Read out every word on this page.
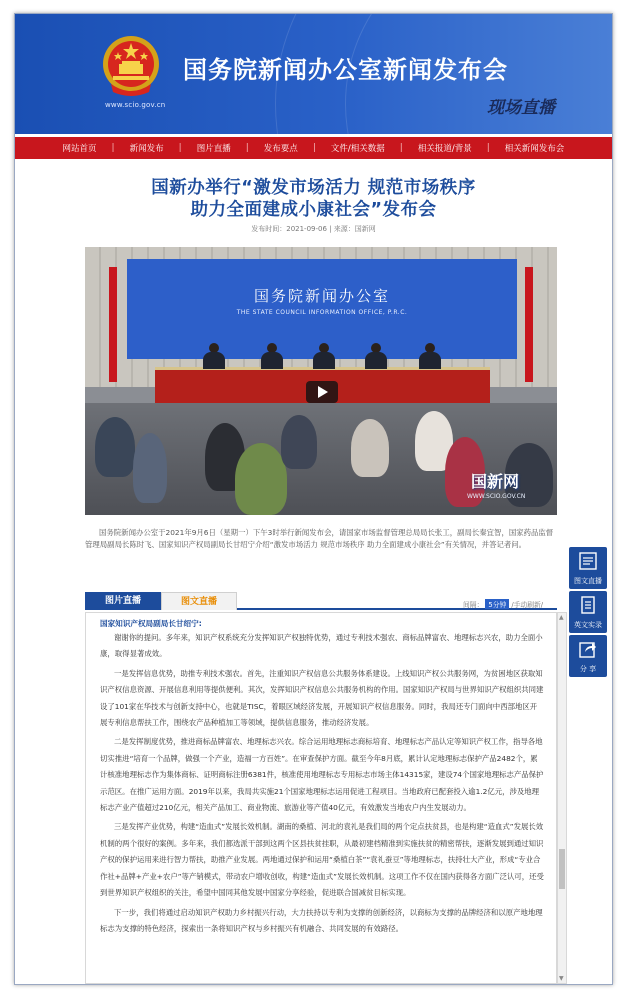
www.scio.gov.cn
国务院新闻办公室新闻发布会
现场直播
网站首页 | 新闻发布 | 图片直播 | 发布要点 | 文件/相关数据 | 相关报道/背景 | 相关新闻发布会
国新办举行“激发市场活力 规范市场秩序
助力全面建成小康社会”发布会
发布时间：2021-09-06 | 来源：国新网
国务院新闻办公室
THE STATE COUNCIL INFORMATION OFFICE, P.R.C.
国新网
WWW.SCIO.GOV.CN
国务院新闻办公室于2021年9月6日（星期一）下午3时举行新闻发布会，请国家市场监督管理总局局长张工，副局长秦宜智，国家药品监督管理局副局长陈时飞、国家知识产权局副局长甘绍宁介绍“激发市场活力 规范市场秩序 助力全面建成小康社会”有关情况，并答记者问。
图片直播	图文直播	间隔： 5分钟 /手动刷新/
国家知识产权局副局长甘绍宁:

谢谢你的提问。多年来，知识产权系统充分发挥知识产权独特优势，通过专利技术强农、商标品牌富农、地理标志兴农，助力全面小康，取得显著成效。

一是发挥信息优势，助推专利技术强农。首先，注重知识产权信息公共服务体系建设。上线知识产权公共服务网，为贫困地区获取知识产权信息资源、开展信息利用等提供便利。其次，发挥知识产权信息公共服务机构的作用。国家知识产权局与世界知识产权组织共同建设了101家在华技术与创新支持中心，也就是TISC，着眼区域经济发展，开展知识产权信息服务。同时，我局还专门面向中西部地区开展专利信息帮扶工作，围绕农产品种植加工等领域，提供信息服务，推动经济发展。

二是发挥制度优势，推进商标品牌富农、地理标志兴农。综合运用地理标志商标培育、地理标志产品认定等知识产权工作，指导各地切实推进“培育一个品牌，做强一个产业，造福一方百姓”。在审查保护方面。截至今年8月底，累计认定地理标志保护产品2482个，累计核准地理标志作为集体商标、证明商标注册6381件，核准使用地理标志专用标志市场主体14315家，建设74个国家地理标志产品保护示范区。在推广运用方面。2019年以来，我局共实施21个国家地理标志运用促进工程项目。当地政府已配套投入逾1.2亿元，涉及地理标志产业产值超过210亿元，相关产品加工、商业物流、旅游业等产值40亿元，有效激发当地农户内生发展动力。

三是发挥产业优势，构建“造血式”发展长效机制。湖南的桑植、河北的袁礼是我们局的两个定点扶贫县，也是构建“造血式”发展长效机制的两个很好的案例。多年来，我们都选派干部到这两个区县扶贫挂职，从最初建档精准到实施扶贫的精密帮扶，逐渐发展到通过知识产权的保护运用来进行智力帮扶，助推产业发展。两地通过保护和运用“桑植白茶”“袁礼蚕豆”等地理标志，扶持壮大产业，形成“专业合作社+品牌+产业+农户”等产销模式，带动农户增收创收，构建“造血式”发展长效机制。这项工作不仅在国内获得各方面广泛认可，还受到世界知识产权组织的关注，希望中国同其他发展中国家分享经验，促进联合国减贫目标实现。

下一步，我们将通过启动知识产权助力乡村振兴行动，大力扶持以专利为支撑的创新经济，以商标为支撑的品牌经济和以原产地地理标志为支撑的特色经济，探索出一条将知识产权与乡村振兴有机融合、共同发展的有效路径。

▲
▼
图文直播
英文实录
分 享
